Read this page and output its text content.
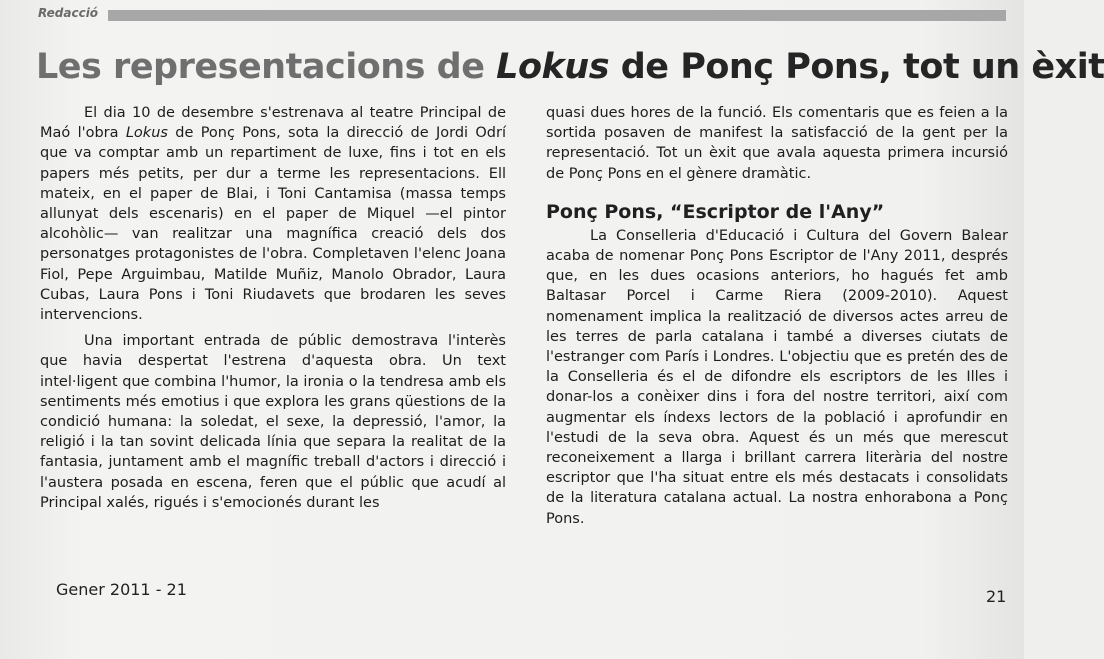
Redacció
Les representacions de Lokus de Ponç Pons, tot un èxit

El dia 10 de desembre s'estrenava al teatre Principal de Maó l'obra Lokus de Ponç Pons, sota la direcció de Jordi Odrí que va comptar amb un repartiment de luxe, fins i tot en els papers més petits, per dur a terme les representacions. Ell mateix, en el paper de Blai, i Toni Cantamisa (massa temps allunyat dels escenaris) en el paper de Miquel —el pintor alcohòlic— van realitzar una magnífica creació dels dos personatges protagonistes de l'obra. Completaven l'elenc Joana Fiol, Pepe Arguimbau, Matilde Muñiz, Manolo Obrador, Laura Cubas, Laura Pons i Toni Riudavets que brodaren les seves intervencions.

Una important entrada de públic demostrava l'interès que havia despertat l'estrena d'aquesta obra. Un text intel·ligent que combina l'humor, la ironia o la tendresa amb els sentiments més emotius i que explora les grans qüestions de la condició humana: la soledat, el sexe, la depressió, l'amor, la religió i la tan sovint delicada línia que separa la realitat de la fantasia, juntament amb el magnífic treball d'actors i direcció i l'austera posada en escena, feren que el públic que acudí al Principal xalés, rigués i s'emocionés durant les

quasi dues hores de la funció. Els comentaris que es feien a la sortida posaven de manifest la satisfacció de la gent per la representació. Tot un èxit que avala aquesta primera incursió de Ponç Pons en el gènere dramàtic.

Ponç Pons, “Escriptor de l'Any”

La Conselleria d'Educació i Cultura del Govern Balear acaba de nomenar Ponç Pons Escriptor de l'Any 2011, després que, en les dues ocasions anteriors, ho hagués fet amb Baltasar Porcel i Carme Riera (2009-2010). Aquest nomenament implica la realització de diversos actes arreu de les terres de parla catalana i també a diverses ciutats de l'estranger com París i Londres. L'objectiu que es pretén des de la Conselleria és el de difondre els escriptors de les Illes i donar-los a conèixer dins i fora del nostre territori, així com augmentar els índexs lectors de la població i aprofundir en l'estudi de la seva obra. Aquest és un més que merescut reconeixement a llarga i brillant carrera literària del nostre escriptor que l'ha situat entre els més destacats i consolidats de la literatura catalana actual. La nostra enhorabona a Ponç Pons.

Gener 2011 - 21	21
